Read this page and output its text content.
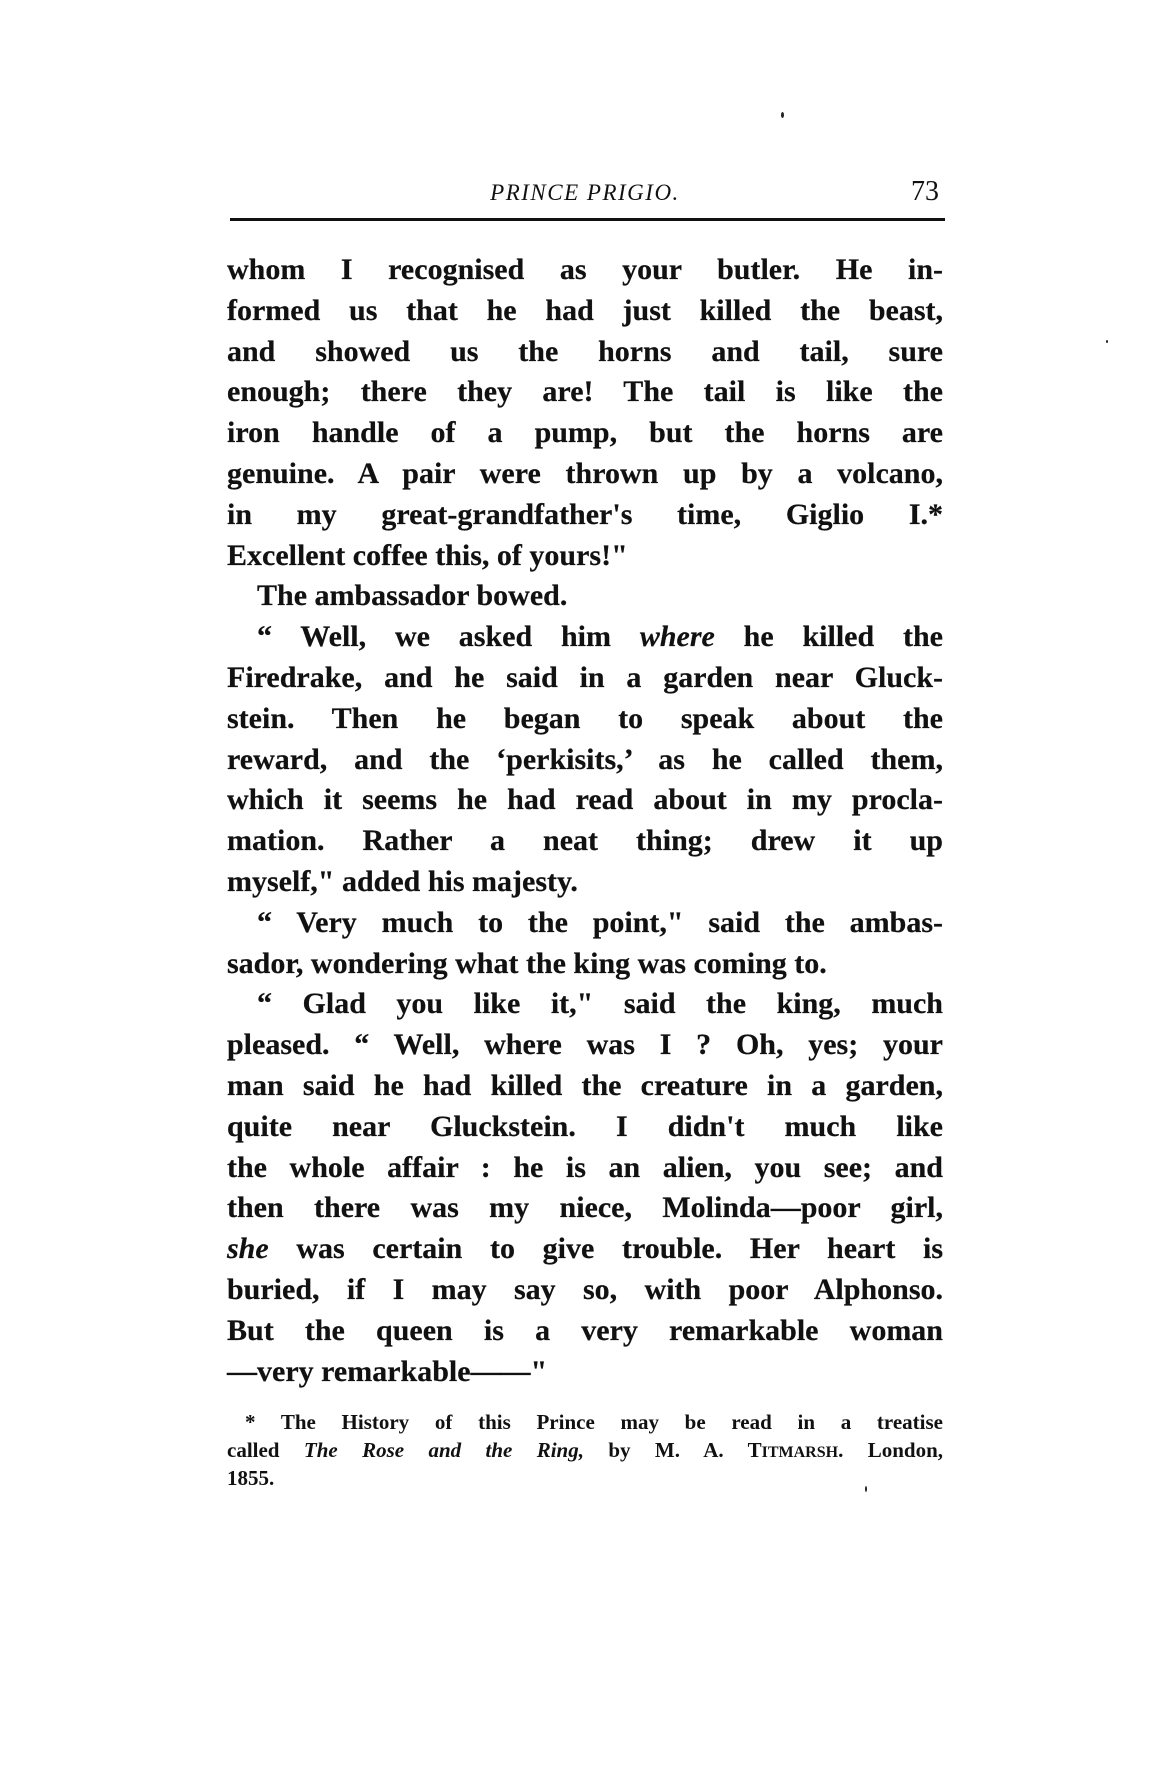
PRINCE PRIGIO.	73
whom I recognised as your butler. He in-
formed us that he had just killed the beast,
and showed us the horns and tail, sure
enough; there they are! The tail is like the
iron handle of a pump, but the horns are
genuine. A pair were thrown up by a volcano,
in my great-grandfather's time, Giglio I.*
Excellent coffee this, of yours!"
The ambassador bowed.
“ Well, we asked him where he killed the
Firedrake, and he said in a garden near Gluck-
stein. Then he began to speak about the
reward, and the ‘perkisits,’ as he called them,
which it seems he had read about in my procla-
mation. Rather a neat thing; drew it up
myself," added his majesty.
“ Very much to the point," said the ambas-
sador, wondering what the king was coming to.
“ Glad you like it," said the king, much
pleased. “ Well, where was I ? Oh, yes; your
man said he had killed the creature in a garden,
quite near Gluckstein. I didn't much like
the whole affair : he is an alien, you see; and
then there was my niece, Molinda—poor girl,
she was certain to give trouble. Her heart is
buried, if I may say so, with poor Alphonso.
But the queen is a very remarkable woman
—very remarkable——"
* The History of this Prince may be read in a treatise
called The Rose and the Ring, by M. A. TITMARSH. London,
1855.
